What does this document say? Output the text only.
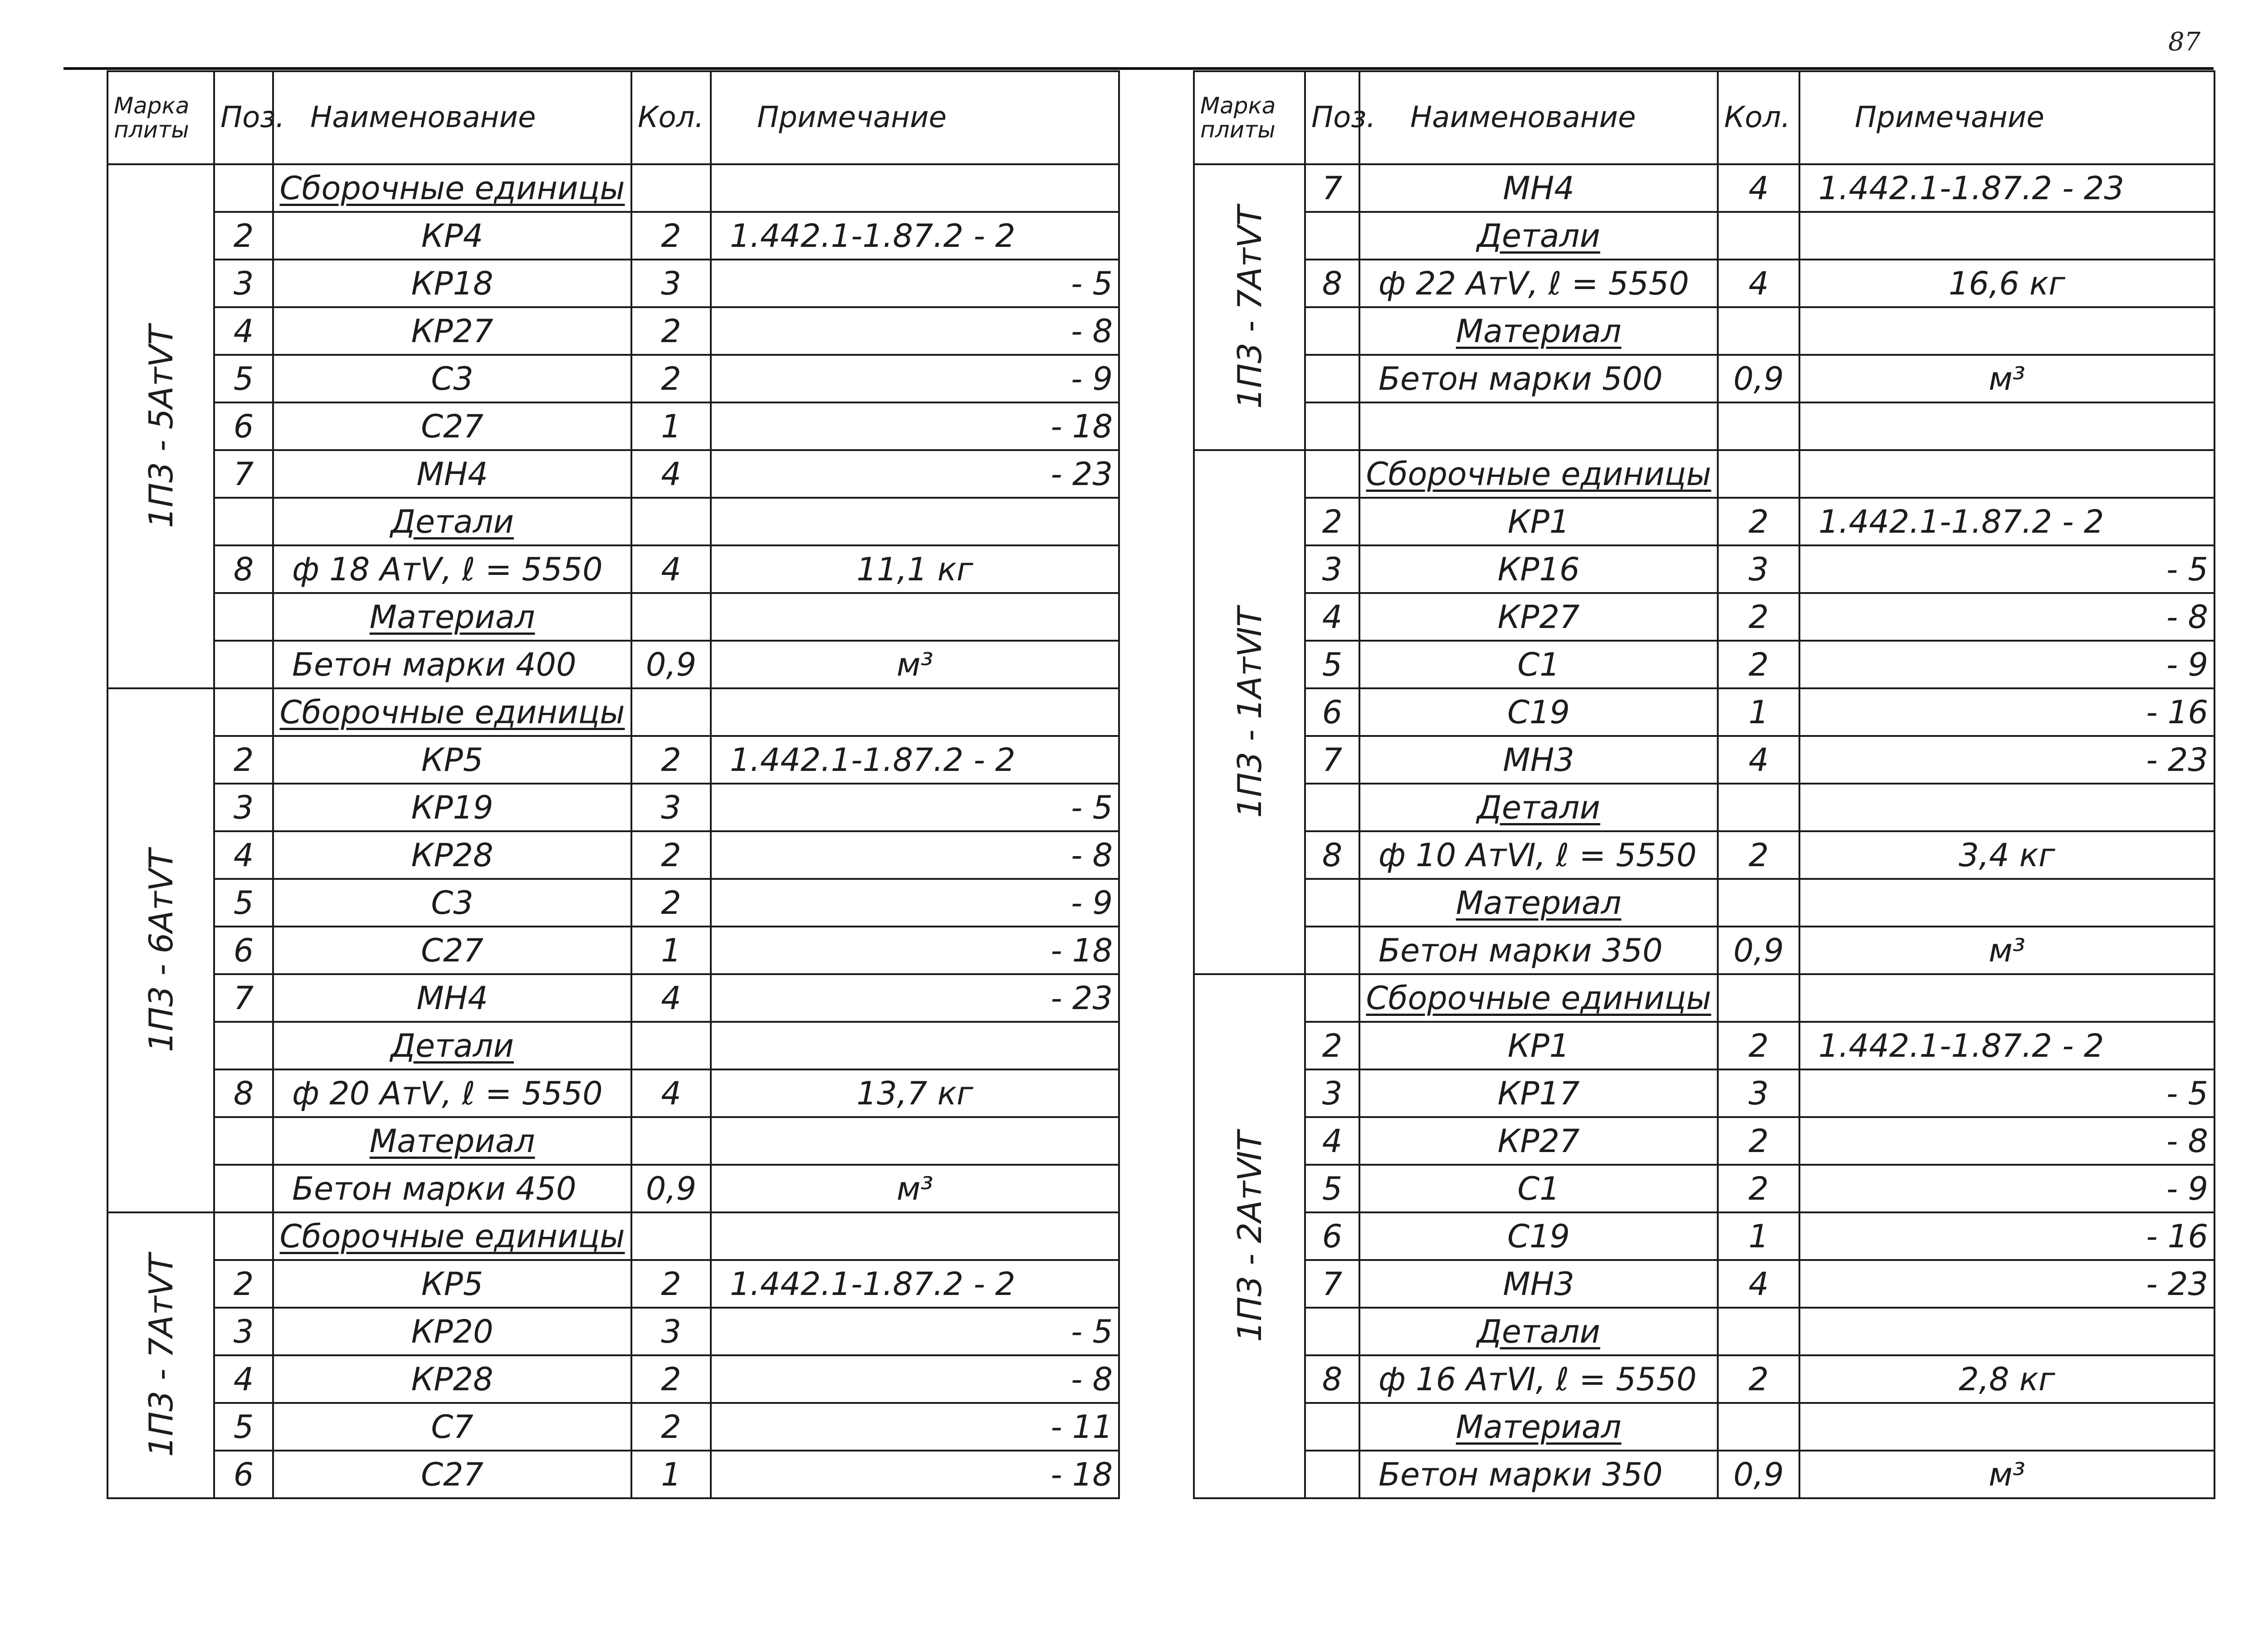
87
Марка плиты	Поз.	Наименование	Кол.	Примечание

1П3 - 5АтⅤТ		Сборочные единицы		
	2	КР4	2	1.442.1-1.87.2 - 2
	3	КР18	3	- 5
	4	КР27	2	- 8
	5	С3	2	- 9
	6	С27	1	- 18
	7	МН4	4	- 23
		Детали		
	8	ф 18 АтⅤ, ℓ = 5550	4	11,1 кг
		Материал		
		Бетон марки 400	0,9	м³

1П3 - 6АтⅤТ		Сборочные единицы		
	2	КР5	2	1.442.1-1.87.2 - 2
	3	КР19	3	- 5
	4	КР28	2	- 8
	5	С3	2	- 9
	6	С27	1	- 18
	7	МН4	4	- 23
		Детали		
	8	ф 20 АтⅤ, ℓ = 5550	4	13,7 кг
		Материал		
		Бетон марки 450	0,9	м³

1П3 - 7АтⅤТ		Сборочные единицы		
	2	КР5	2	1.442.1-1.87.2 - 2
	3	КР20	3	- 5
	4	КР28	2	- 8
	5	С7	2	- 11
	6	С27	1	- 18
Марка плиты	Поз.	Наименование	Кол.	Примечание

1П3 - 7АтⅤТ	7	МН4	4	1.442.1-1.87.2 - 23
		Детали		
	8	ф 22 АтⅤ, ℓ = 5550	4	16,6 кг
		Материал		
		Бетон марки 500	0,9	м³

1П3 - 1АтⅥТ		Сборочные единицы		
	2	КР1	2	1.442.1-1.87.2 - 2
	3	КР16	3	- 5
	4	КР27	2	- 8
	5	С1	2	- 9
	6	С19	1	- 16
	7	МН3	4	- 23
		Детали		
	8	ф 10 АтⅥ, ℓ = 5550	2	3,4 кг
		Материал		
		Бетон марки 350	0,9	м³

1П3 - 2АтⅥТ		Сборочные единицы		
	2	КР1	2	1.442.1-1.87.2 - 2
	3	КР17	3	- 5
	4	КР27	2	- 8
	5	С1	2	- 9
	6	С19	1	- 16
	7	МН3	4	- 23
		Детали		
	8	ф 16 АтⅥ, ℓ = 5550	2	2,8 кг
		Материал		
		Бетон марки 350	0,9	м³
